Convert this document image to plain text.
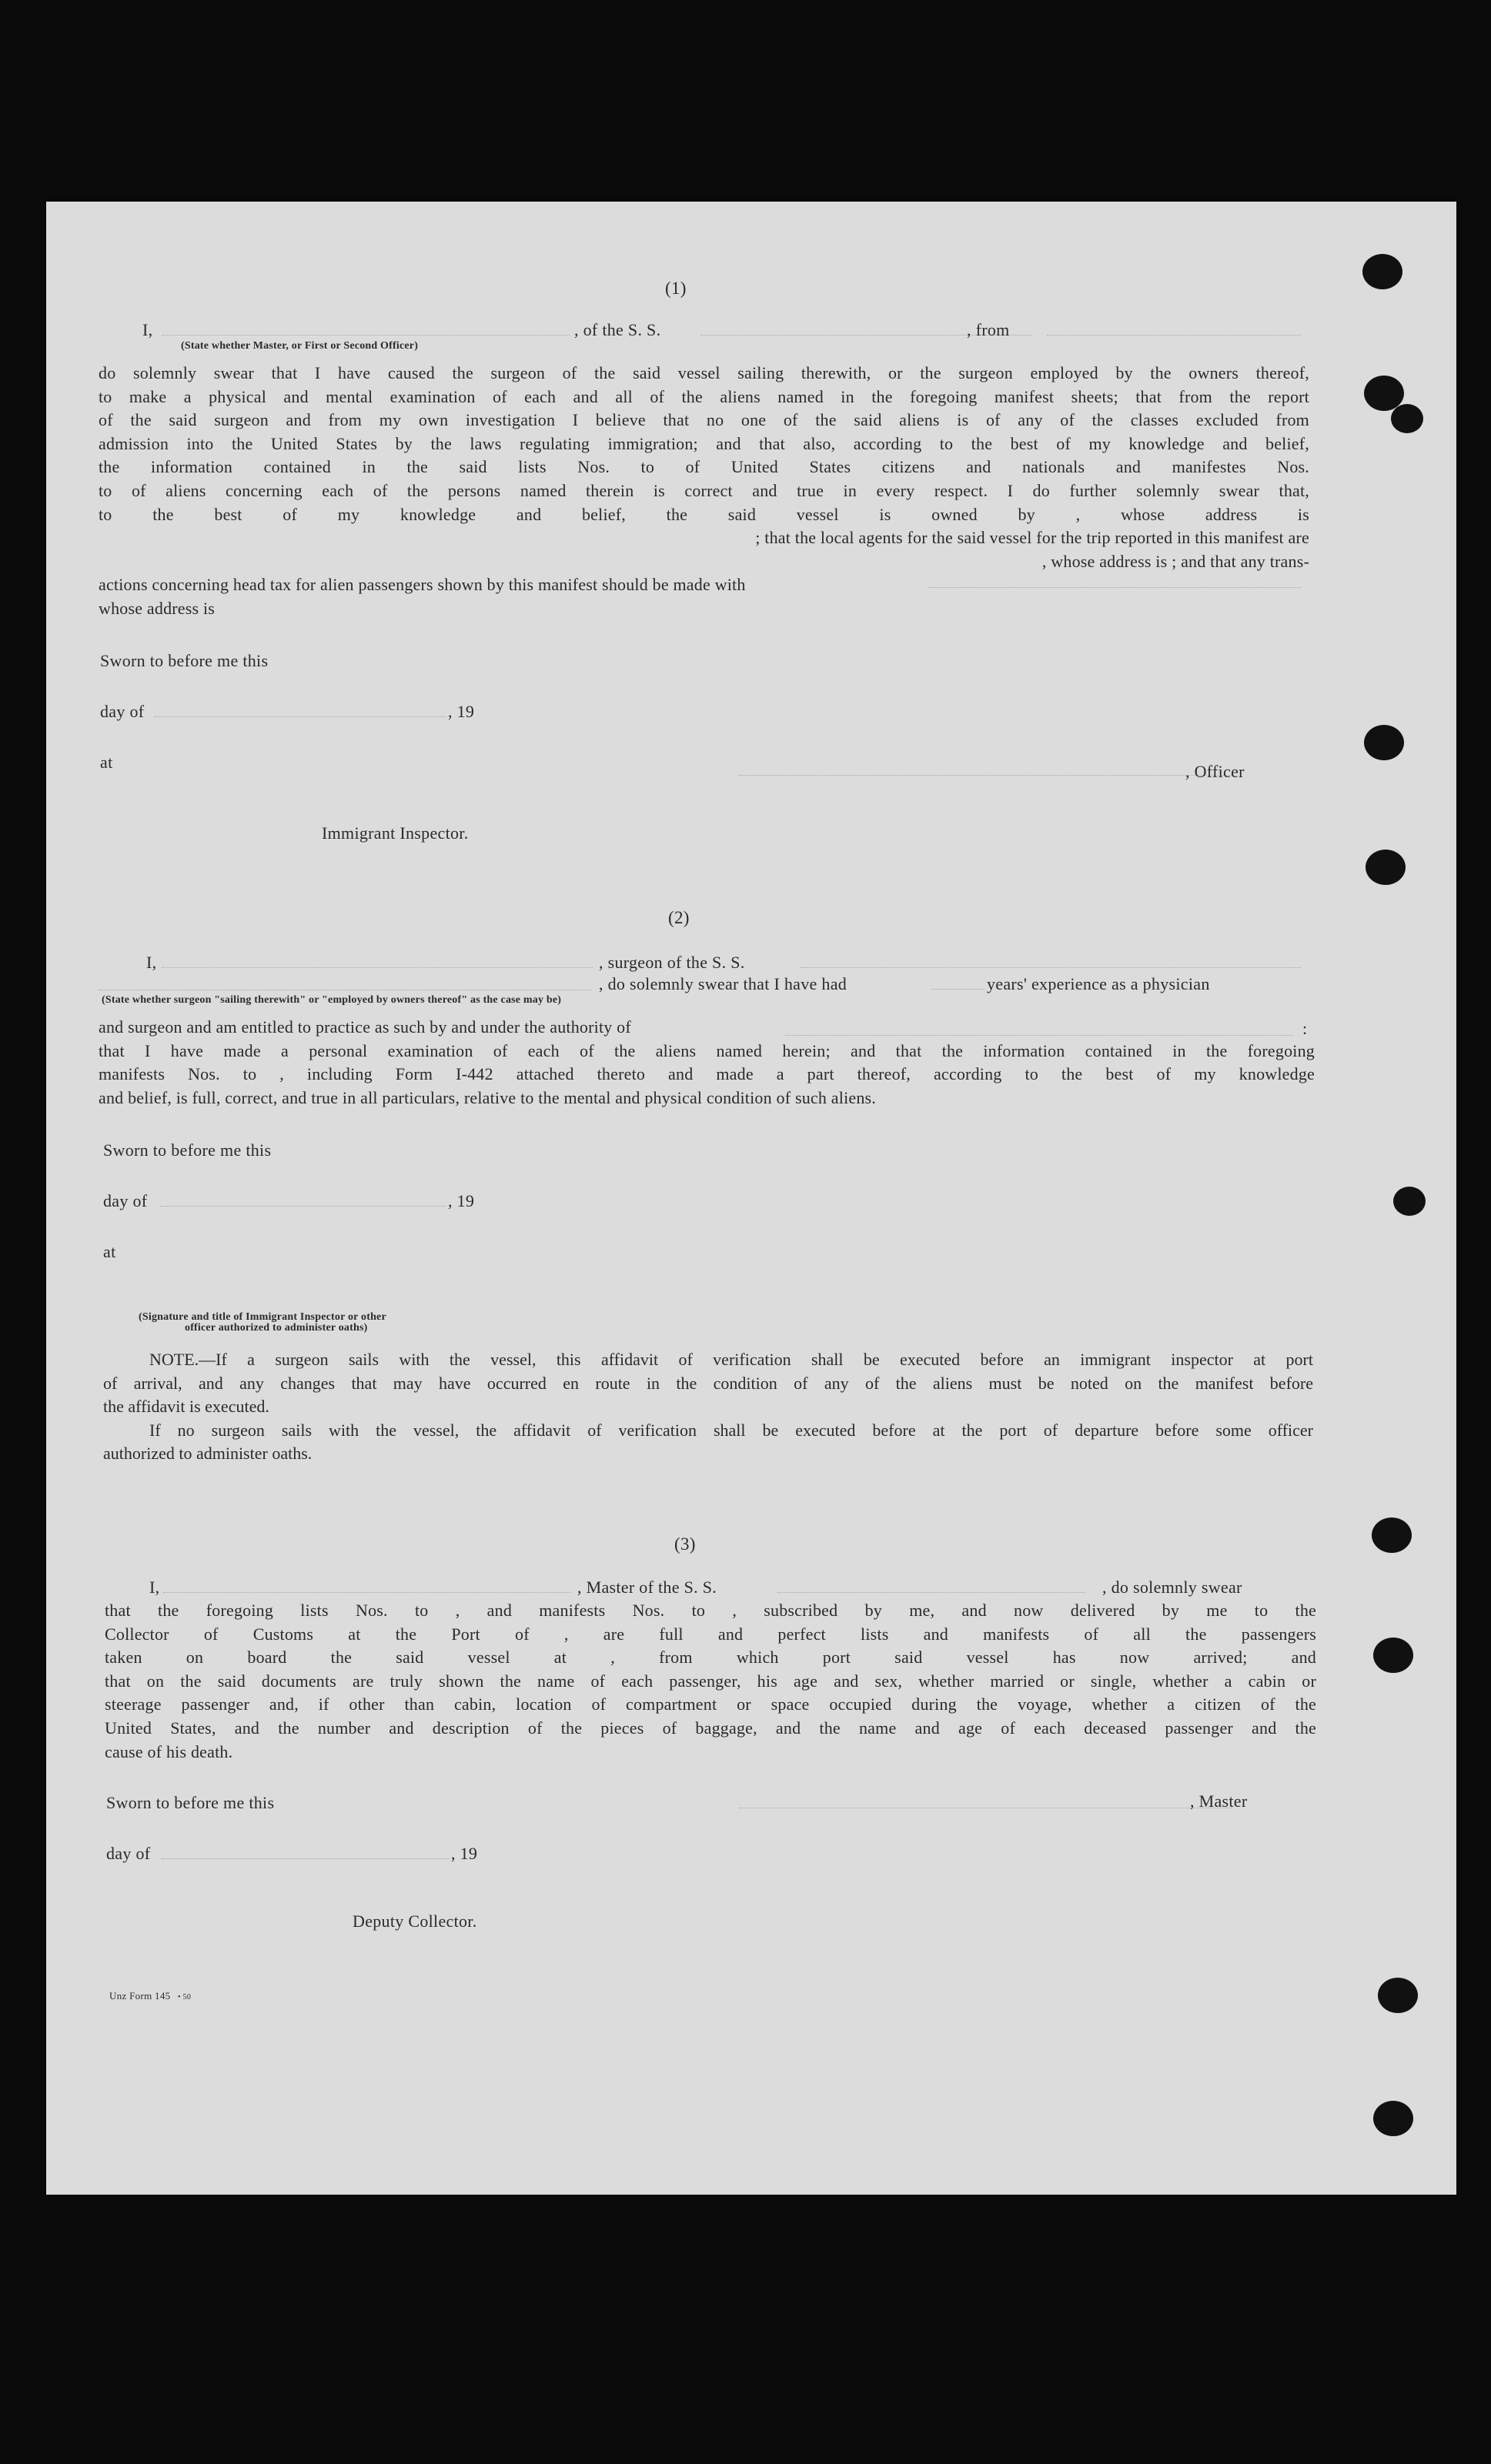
(1)
I,
(State whether Master, or First or Second Officer)
, of the S. S.	, from
do solemnly swear that I have caused the surgeon of the said vessel sailing therewith, or the surgeon employed by the owners thereof,
to make a physical and mental examination of each and all of the aliens named in the foregoing manifest sheets; that from the report
of the said surgeon and from my own investigation I believe that no one of the said aliens is of any of the classes excluded from
admission into the United States by the laws regulating immigration; and that also, according to the best of my knowledge and belief,
the information contained in the said lists Nos. to of United States citizens and nationals and manifestes Nos.
to of aliens concerning each of the persons named therein is correct and true in every respect. I do further solemnly swear that,
to the best of my knowledge and belief, the said vessel is owned by , whose address is
; that the local agents for the said vessel for the trip reported in this manifest are
, whose address is ; and that any trans-
actions concerning head tax for alien passengers shown by this manifest should be made with
whose address is
Sworn to before me this
day of	, 19
at	, Officer
Immigrant Inspector.
(2)
I,	, surgeon of the S. S.
, do solemnly swear that I have had	years' experience as a physician
(State whether surgeon "sailing therewith" or "employed by owners thereof" as the case may be)
and surgeon and am entitled to practice as such by and under the authority of
that I have made a personal examination of each of the aliens named herein; and that the information contained in the foregoing
manifests Nos. to , including Form I-442 attached thereto and made a part thereof, according to the best of my knowledge
and belief, is full, correct, and true in all particulars, relative to the mental and physical condition of such aliens.
:
Sworn to before me this
day of	, 19
at
(Signature and title of Immigrant Inspector or other
officer authorized to administer oaths)
NOTE.—If a surgeon sails with the vessel, this affidavit of verification shall be executed before an immigrant inspector at port
of arrival, and any changes that may have occurred en route in the condition of any of the aliens must be noted on the manifest before
the affidavit is executed.
If no surgeon sails with the vessel, the affidavit of verification shall be executed before at the port of departure before some officer
authorized to administer oaths.
(3)
I,	, Master of the S. S.	, do solemnly swear
that the foregoing lists Nos. to , and manifests Nos. to , subscribed by me, and now delivered by me to the
Collector of Customs at the Port of , are full and perfect lists and manifests of all the passengers
taken on board the said vessel at , from which port said vessel has now arrived; and
that on the said documents are truly shown the name of each passenger, his age and sex, whether married or single, whether a cabin or
steerage passenger and, if other than cabin, location of compartment or space occupied during the voyage, whether a citizen of the
United States, and the number and description of the pieces of baggage, and the name and age of each deceased passenger and the
cause of his death.
Sworn to before me this	, Master
day of	, 19
Deputy Collector.
Unz Form 145 • 50
